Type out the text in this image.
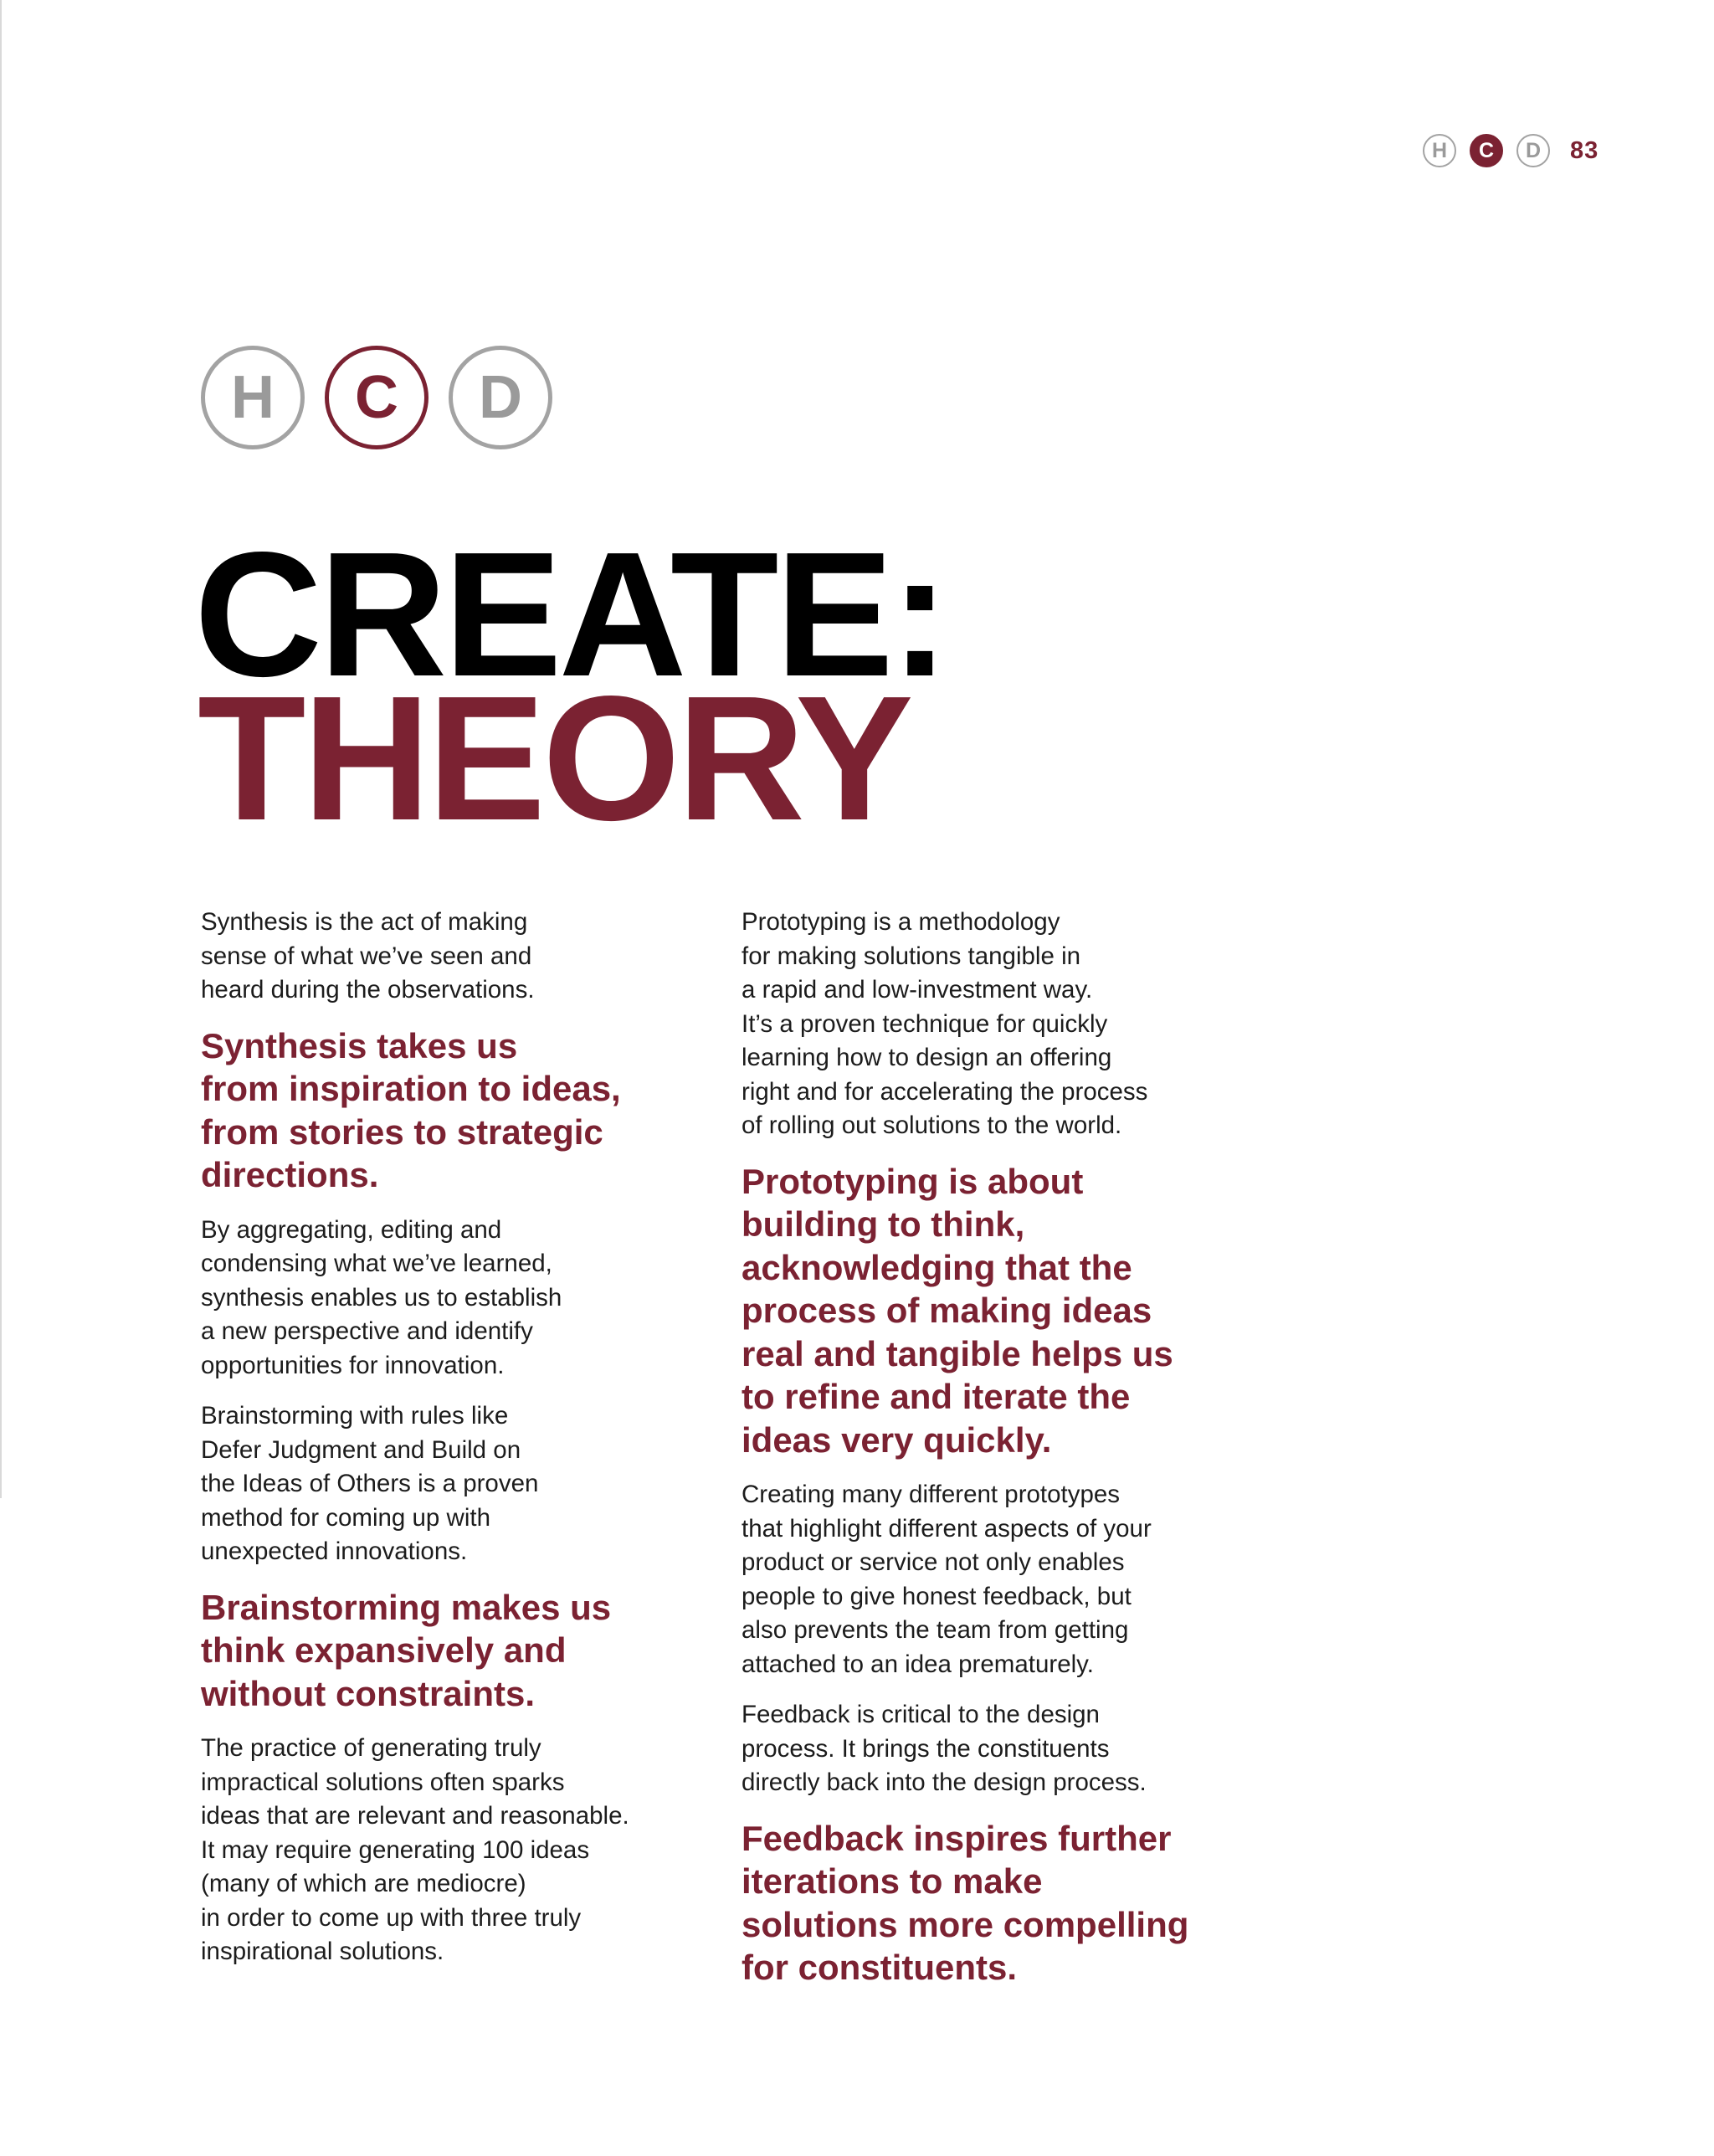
H	C	D	83
H	C	D
CREATE:
THEORY

Synthesis is the act of making
sense of what we’ve seen and
heard during the observations.

Synthesis takes us
from inspiration to ideas,
from stories to strategic
directions.

By aggregating, editing and
condensing what we’ve learned,
synthesis enables us to establish
a new perspective and identify
opportunities for innovation.

Brainstorming with rules like
Defer Judgment and Build on
the Ideas of Others is a proven
method for coming up with
unexpected innovations.

Brainstorming makes us
think expansively and
without constraints.

The practice of generating truly
impractical solutions often sparks
ideas that are relevant and reasonable.
It may require generating 100 ideas
(many of which are mediocre)
in order to come up with three truly
inspirational solutions.

Prototyping is a methodology
for making solutions tangible in
a rapid and low-investment way.
It’s a proven technique for quickly
learning how to design an offering
right and for accelerating the process
of rolling out solutions to the world.

Prototyping is about
building to think,
acknowledging that the
process of making ideas
real and tangible helps us
to refine and iterate the
ideas very quickly.

Creating many different prototypes
that highlight different aspects of your
product or service not only enables
people to give honest feedback, but
also prevents the team from getting
attached to an idea prematurely.

Feedback is critical to the design
process. It brings the constituents
directly back into the design process.

Feedback inspires further
iterations to make
solutions more compelling
for constituents.
